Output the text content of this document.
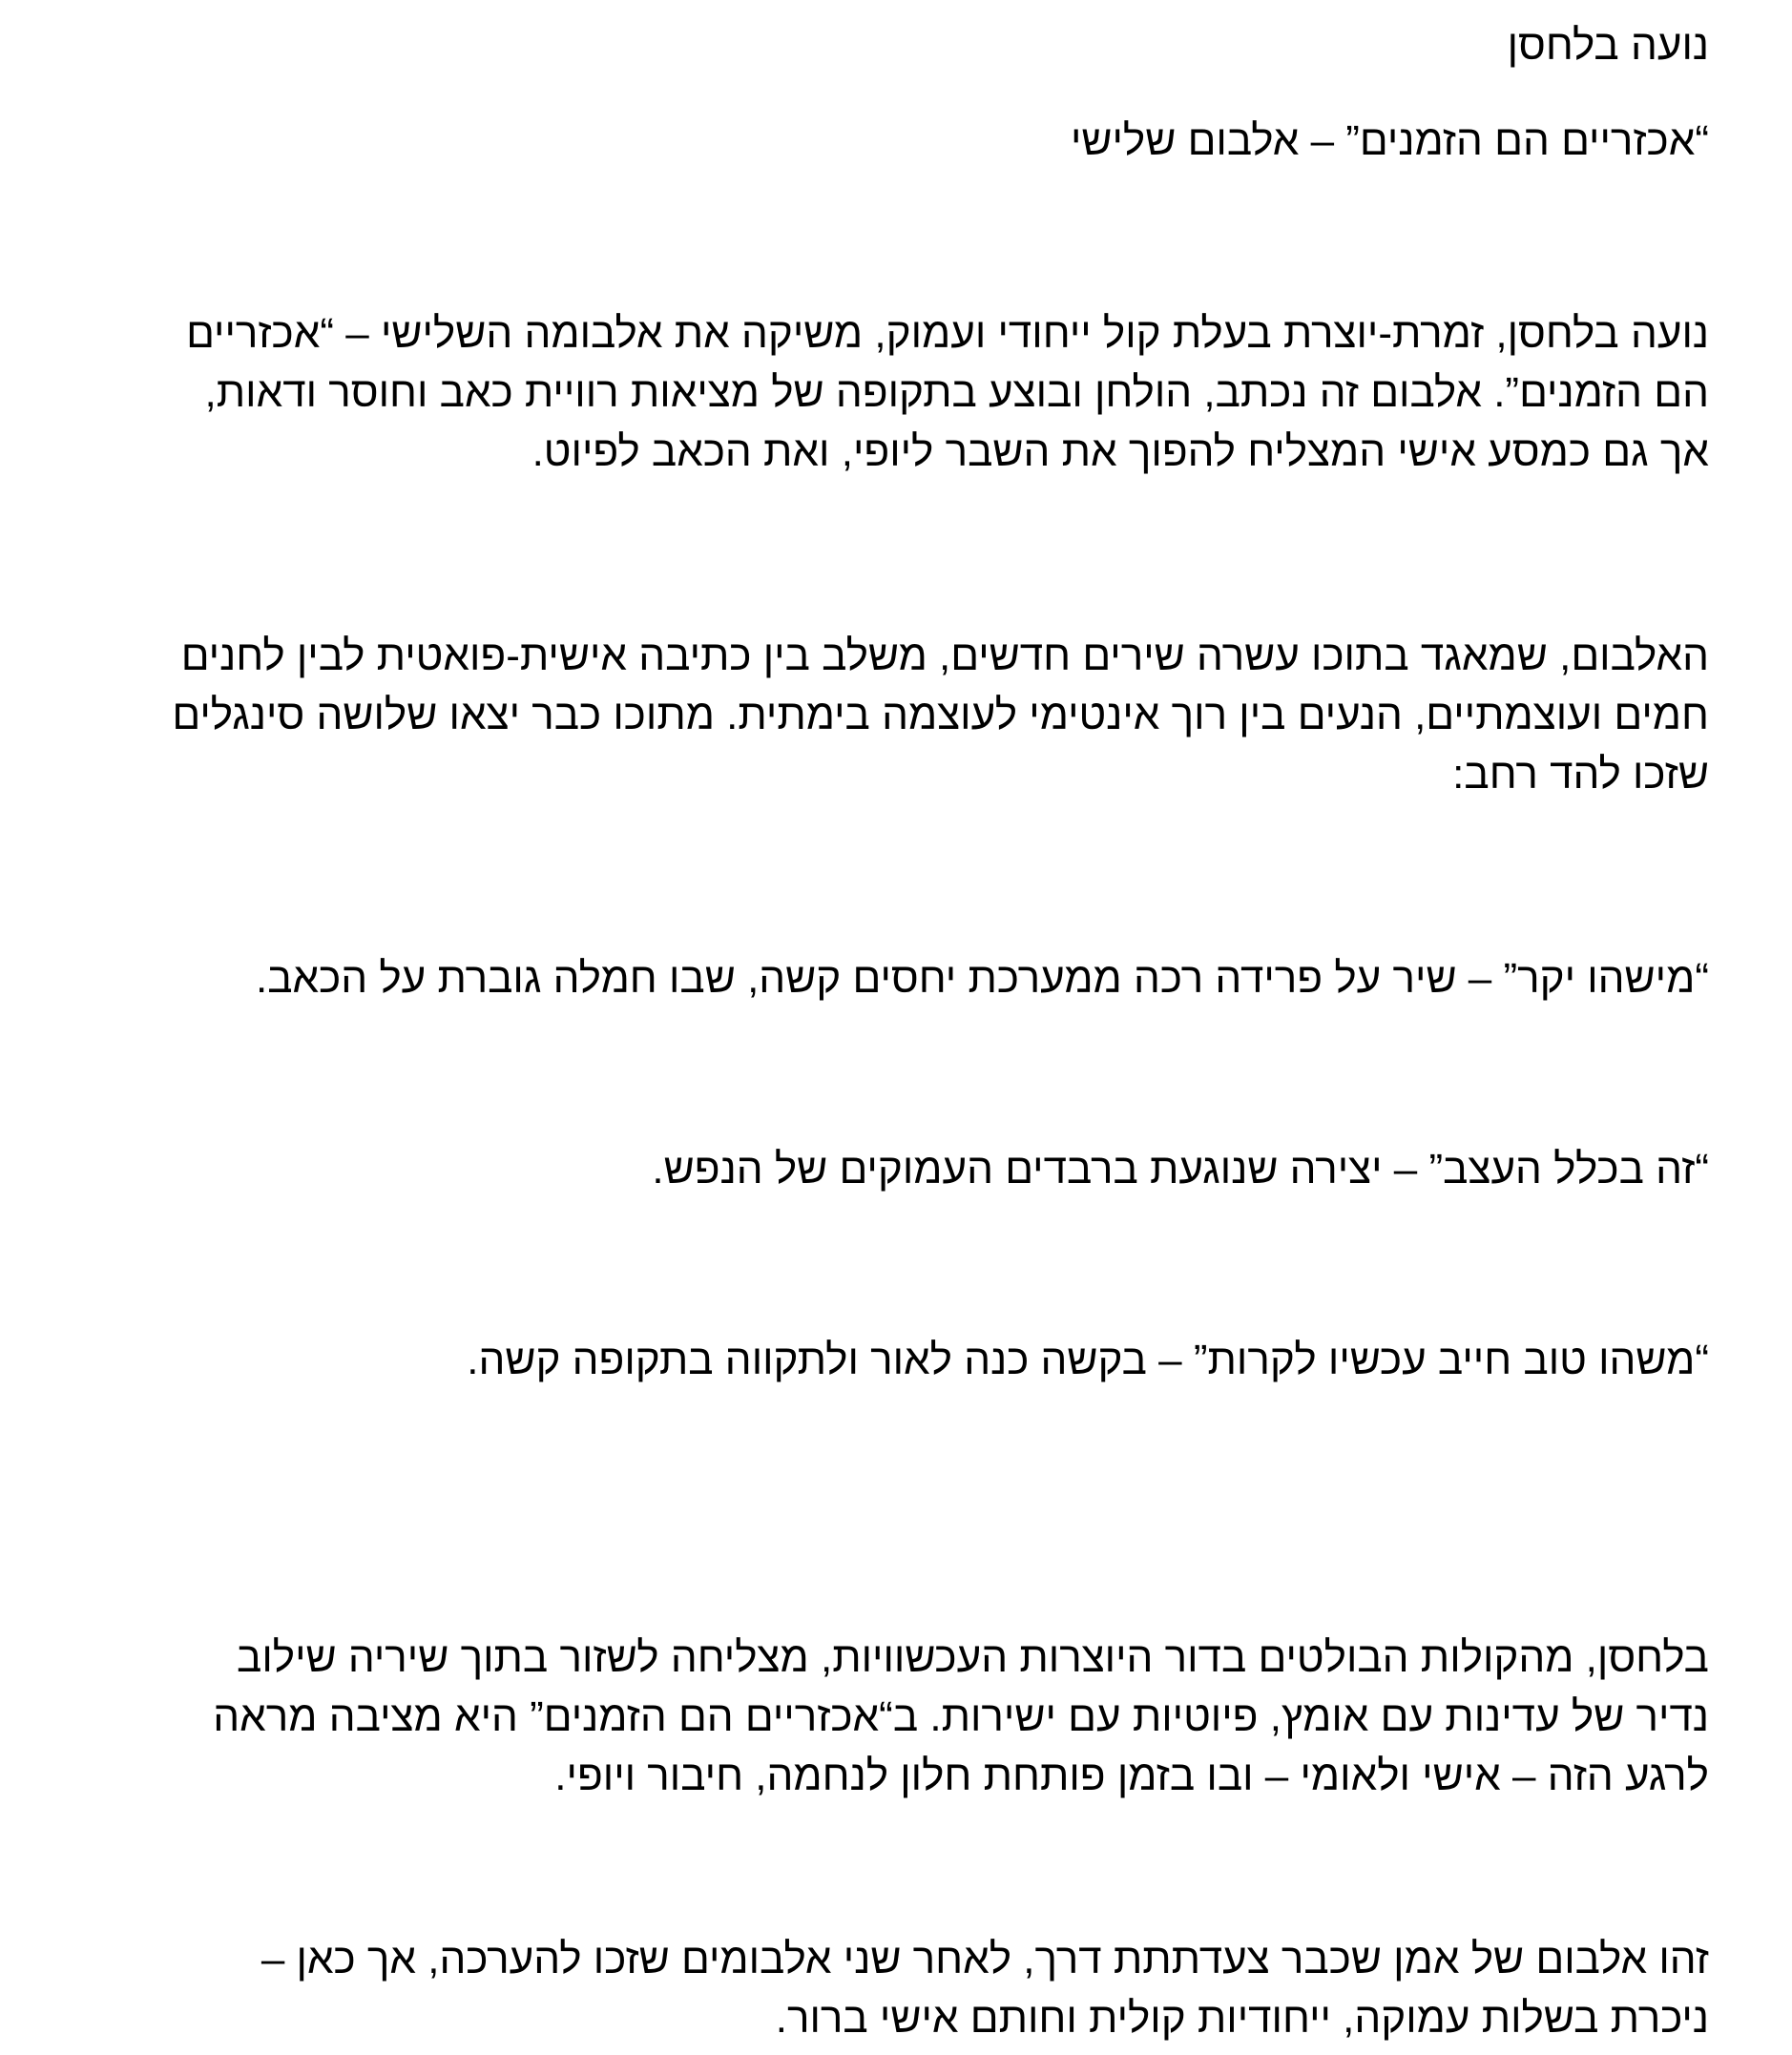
נועה בלחסן

“אכזריים הם הזמנים” – אלבום שלישי

נועה בלחסן, זמרת-יוצרת בעלת קול ייחודי ועמוק, משיקה את אלבומה השלישי – “אכזריים

הם הזמנים”. אלבום זה נכתב, הולחן ובוצע בתקופה של מציאות רוויית כאב וחוסר ודאות,

אך גם כמסע אישי המצליח להפוך את השבר ליופי, ואת הכאב לפיוט.

האלבום, שמאגד בתוכו עשרה שירים חדשים, משלב בין כתיבה אישית-פואטית לבין לחנים

חמים ועוצמתיים, הנעים בין רוך אינטימי לעוצמה בימתית. מתוכו כבר יצאו שלושה סינגלים

שזכו להד רחב:

“מישהו יקר” – שיר על פרידה רכה ממערכת יחסים קשה, שבו חמלה גוברת על הכאב.

“זה בכלל העצב” – יצירה שנוגעת ברבדים העמוקים של הנפש.

“משהו טוב חייב עכשיו לקרות” – בקשה כנה לאור ולתקווה בתקופה קשה.

בלחסן, מהקולות הבולטים בדור היוצרות העכשוויות, מצליחה לשזור בתוך שיריה שילוב

נדיר של עדינות עם אומץ, פיוטיות עם ישירות. ב“אכזריים הם הזמנים” היא מציבה מראה

לרגע הזה – אישי ולאומי – ובו בזמן פותחת חלון לנחמה, חיבור ויופי.

זהו אלבום של אמן שכבר צעדתתת דרך, לאחר שני אלבומים שזכו להערכה, אך כאן –

ניכרת בשלות עמוקה, ייחודיות קולית וחותם אישי ברור.
